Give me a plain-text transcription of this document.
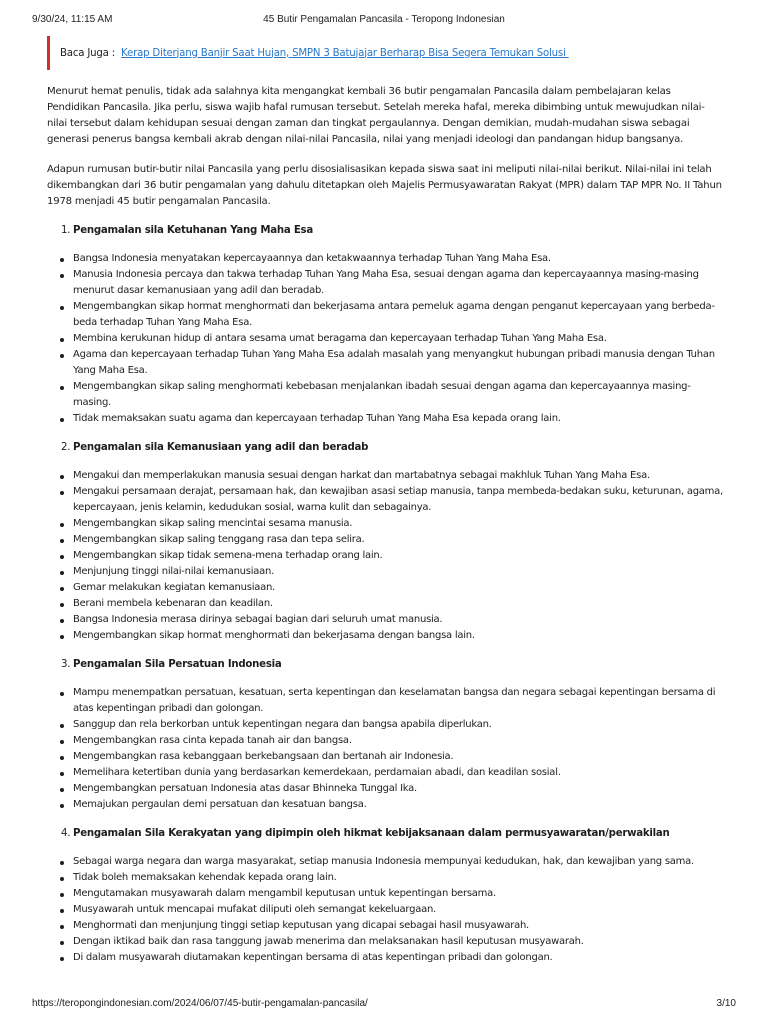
9/30/24, 11:15 AM	45 Butir Pengamalan Pancasila - Teropong Indonesian
Baca Juga : Kerap Diterjang Banjir Saat Hujan, SMPN 3 Batujajar Berharap Bisa Segera Temukan Solusi

Menurut hemat penulis, tidak ada salahnya kita mengangkat kembali 36 butir pengamalan Pancasila dalam pembelajaran kelas Pendidikan Pancasila. Jika perlu, siswa wajib hafal rumusan tersebut. Setelah mereka hafal, mereka dibimbing untuk mewujudkan nilai-nilai tersebut dalam kehidupan sesuai dengan zaman dan tingkat pergaulannya. Dengan demikian, mudah-mudahan siswa sebagai generasi penerus bangsa kembali akrab dengan nilai-nilai Pancasila, nilai yang menjadi ideologi dan pandangan hidup bangsanya.

Adapun rumusan butir-butir nilai Pancasila yang perlu disosialisasikan kepada siswa saat ini meliputi nilai-nilai berikut. Nilai-nilai ini telah dikembangkan dari 36 butir pengamalan yang dahulu ditetapkan oleh Majelis Permusyawaratan Rakyat (MPR) dalam TAP MPR No. II Tahun 1978 menjadi 45 butir pengamalan Pancasila.

1. Pengamalan sila Ketuhanan Yang Maha Esa
Bangsa Indonesia menyatakan kepercayaannya dan ketakwaannya terhadap Tuhan Yang Maha Esa.
Manusia Indonesia percaya dan takwa terhadap Tuhan Yang Maha Esa, sesuai dengan agama dan kepercayaannya masing-masing menurut dasar kemanusiaan yang adil dan beradab.
Mengembangkan sikap hormat menghormati dan bekerjasama antara pemeluk agama dengan penganut kepercayaan yang berbeda-beda terhadap Tuhan Yang Maha Esa.
Membina kerukunan hidup di antara sesama umat beragama dan kepercayaan terhadap Tuhan Yang Maha Esa.
Agama dan kepercayaan terhadap Tuhan Yang Maha Esa adalah masalah yang menyangkut hubungan pribadi manusia dengan Tuhan Yang Maha Esa.
Mengembangkan sikap saling menghormati kebebasan menjalankan ibadah sesuai dengan agama dan kepercayaannya masing-masing.
Tidak memaksakan suatu agama dan kepercayaan terhadap Tuhan Yang Maha Esa kepada orang lain.
2. Pengamalan sila Kemanusiaan yang adil dan beradab
Mengakui dan memperlakukan manusia sesuai dengan harkat dan martabatnya sebagai makhluk Tuhan Yang Maha Esa.
Mengakui persamaan derajat, persamaan hak, dan kewajiban asasi setiap manusia, tanpa membeda-bedakan suku, keturunan, agama, kepercayaan, jenis kelamin, kedudukan sosial, warna kulit dan sebagainya.
Mengembangkan sikap saling mencintai sesama manusia.
Mengembangkan sikap saling tenggang rasa dan tepa selira.
Mengembangkan sikap tidak semena-mena terhadap orang lain.
Menjunjung tinggi nilai-nilai kemanusiaan.
Gemar melakukan kegiatan kemanusiaan.
Berani membela kebenaran dan keadilan.
Bangsa Indonesia merasa dirinya sebagai bagian dari seluruh umat manusia.
Mengembangkan sikap hormat menghormati dan bekerjasama dengan bangsa lain.
3. Pengamalan Sila Persatuan Indonesia
Mampu menempatkan persatuan, kesatuan, serta kepentingan dan keselamatan bangsa dan negara sebagai kepentingan bersama di atas kepentingan pribadi dan golongan.
Sanggup dan rela berkorban untuk kepentingan negara dan bangsa apabila diperlukan.
Mengembangkan rasa cinta kepada tanah air dan bangsa.
Mengembangkan rasa kebanggaan berkebangsaan dan bertanah air Indonesia.
Memelihara ketertiban dunia yang berdasarkan kemerdekaan, perdamaian abadi, dan keadilan sosial.
Mengembangkan persatuan Indonesia atas dasar Bhinneka Tunggal Ika.
Memajukan pergaulan demi persatuan dan kesatuan bangsa.
4. Pengamalan Sila Kerakyatan yang dipimpin oleh hikmat kebijaksanaan dalam permusyawaratan/perwakilan
Sebagai warga negara dan warga masyarakat, setiap manusia Indonesia mempunyai kedudukan, hak, dan kewajiban yang sama.
Tidak boleh memaksakan kehendak kepada orang lain.
Mengutamakan musyawarah dalam mengambil keputusan untuk kepentingan bersama.
Musyawarah untuk mencapai mufakat diliputi oleh semangat kekeluargaan.
Menghormati dan menjunjung tinggi setiap keputusan yang dicapai sebagai hasil musyawarah.
Dengan iktikad baik dan rasa tanggung jawab menerima dan melaksanakan hasil keputusan musyawarah.
Di dalam musyawarah diutamakan kepentingan bersama di atas kepentingan pribadi dan golongan.
https://teropongindonesian.com/2024/06/07/45-butir-pengamalan-pancasila/	3/10
